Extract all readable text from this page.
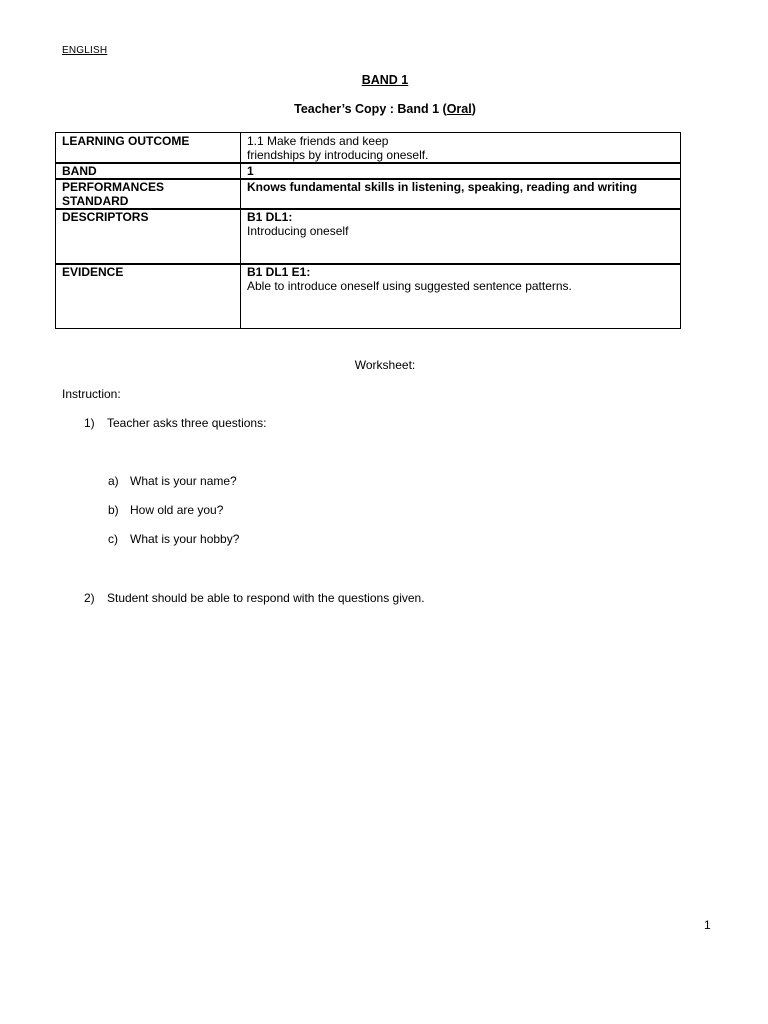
ENGLISH
BAND 1
Teacher’s Copy : Band 1 (Oral)
LEARNING OUTCOME	1.1 Make friends and keep
friendships by introducing oneself.

BAND	1

PERFORMANCES
STANDARD	Knows fundamental skills in listening, speaking, reading and writing
DESCRIPTORS	B1 DL1:
Introducing oneself

EVIDENCE	B1 DL1 E1:
Able to introduce oneself using suggested sentence patterns.
Worksheet:
Instruction:
1) Teacher asks three questions:
a) What is your name?
b) How old are you?
c) What is your hobby?
2) Student should be able to respond with the questions given.
1
